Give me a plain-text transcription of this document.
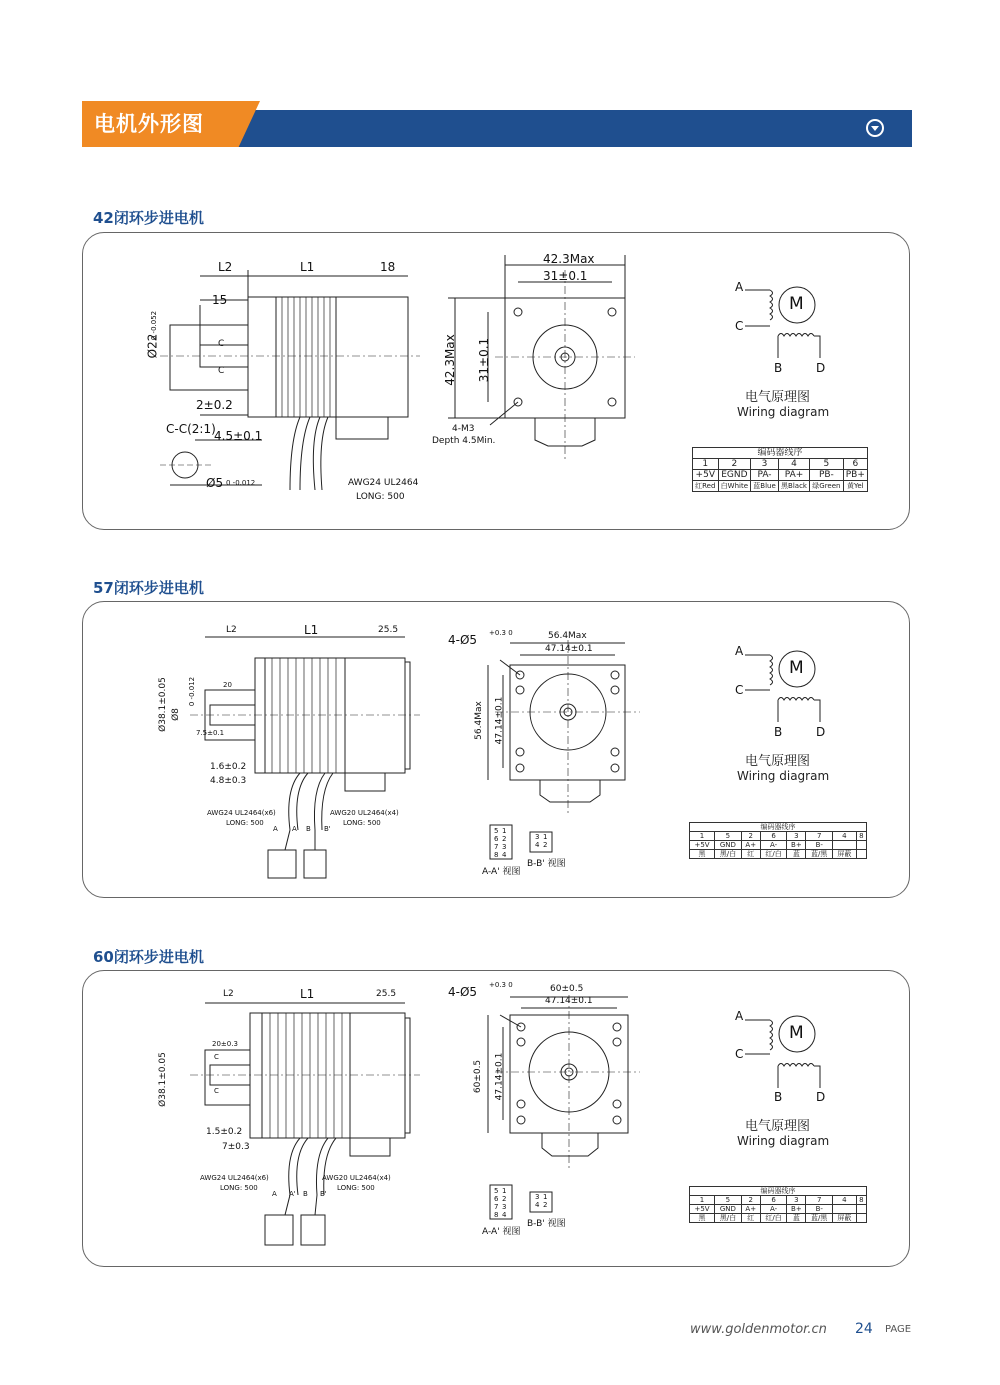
电机外形图
42闭环步进电机
L2	L1	18
15
Ø22
0 -0.052
C
C
2±0.2
C-C(2:1)
4.5±0.1
Ø5 0 -0.012	AWG24 UL2464
LONG: 500
42.3Max
31±0.1
42.3Max 31±0.1
4-M3
Depth 4.5Min.
A
C
B	D
M
电气原理图
Wiring diagram
编码器线序					
1	2	3	4	5	6
+5V	EGND	PA-	PA+	PB-	PB+
红Red	白White	蓝Blue	黑Black	绿Green	黄Yel
57闭环步进电机
L2	L1	25.5
20
Ø38.1±0.05 Ø8
0 -0.012
7.5±0.1
1.6±0.2
4.8±0.3
AWG24 UL2464(x6)
LONG: 500
AWG20 UL2464(x4)
LONG: 500
A A' B B'
4-Ø5 +0.3 0	56.4Max
47.14±0.1
56.4Max 47.14±0.1
5 1
6 2
7 3
8 4
3 1
4 2
A-A' 视图
B-B' 视图
A
C
B	D
M
电气原理图
Wiring diagram
编码器线序							
1	5	2	6	3	7	4	8
+5V	GND	A+	A-	B+	B-		
黑	黑/白	红	红/白	蓝	蓝/黑	屏蔽	
60闭环步进电机
L2	L1	25.5
20±0.3
Ø38.1±0.05	C
C
1.5±0.2
7±0.3
AWG24 UL2464(x6)
LONG: 500
AWG20 UL2464(x4)
LONG: 500
A A' B B'
4-Ø5 +0.3 0	60±0.5
47.14±0.1
60±0.5 47.14±0.1
5 1
6 2
7 3
8 4
3 1
4 2
A-A' 视图
B-B' 视图
A
C
B	D
M
电气原理图
Wiring diagram
编码器线序							
1	5	2	6	3	7	4	8
+5V	GND	A+	A-	B+	B-		
黑	黑/白	红	红/白	蓝	蓝/黑	屏蔽	
www.goldenmotor.cn 24 PAGE
